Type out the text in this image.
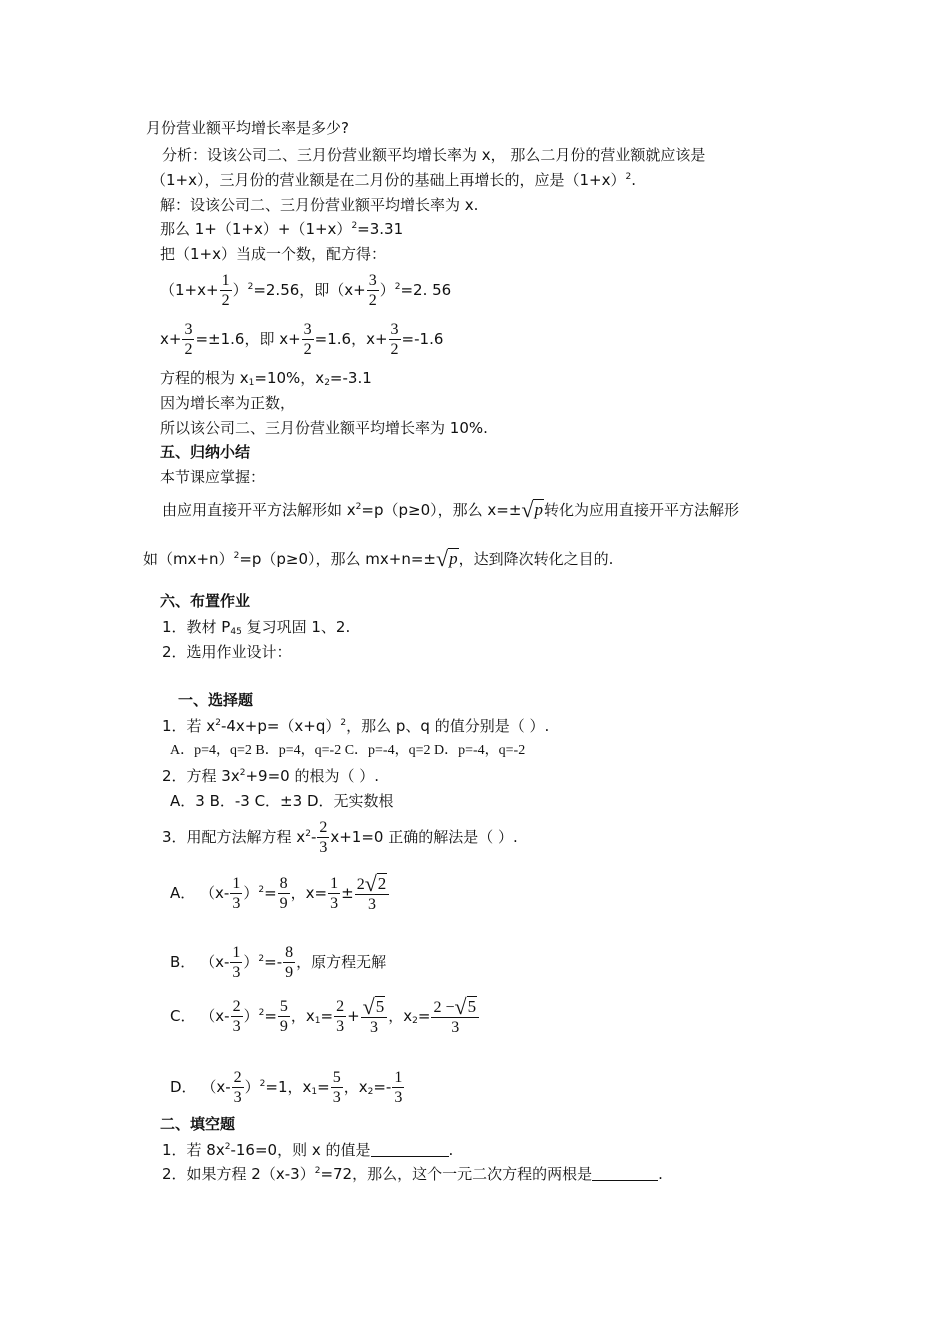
月份营业额平均增长率是多少?
分析：设该公司二、三月份营业额平均增长率为 x， 那么二月份的营业额就应该是
（1+x），三月份的营业额是在二月份的基础上再增长的，应是$(1+x)^2$.
解：设该公司二、三月份营业额平均增长率为 x.
那么 $1+(1+x)+(1+x)^2=3.31$
把（1+x）当成一个数，配方得：
$(1+x+ \frac{1}{2} )^2=2.56$，即$(x+ \frac{3}{2} )^2=2$. 56
$x+ \frac{3}{2} =\pm 1.6$，即 $x+ \frac{3}{2} =1.6$，$x+ \frac{3}{2} =-1.6$
方程的根为 $x_1=10\%$，$x_2=-3.1$
因为增长率为正数，
所以该公司二、三月份营业额平均增长率为 10%.
五、归纳小结
本节课应掌握：
由应用直接开平方法解形如 $x^2=p(p\ge 0)$，那么 x=±√p转化为应用直接开平方法解形
如$(mx+n)^2=p(p\ge 0)$，那么 mx+n=±√p，达到降次转化之目的.
六、布置作业
1．教材 $P_{45}$ 复习巩固 1、2.
2．选用作业设计：
一、选择题
1．若 $x^2-4x+p=(x+q)^2$，那么 p、q 的值分别是（ ）.
A．p=4，q=2 B．p=4，q=-2 C．p=-4，q=2 D．p=-4，q=-2
2．方程 $3x^2+9=0$ 的根为（ ）.
A．3 B．-3 C．±3 D．无实数根
3．用配方法解方程 $x^2- \frac{2}{3} x+1=0$ 正确的解法是（ ）.
A． $(x- \frac{1}{3} )^2= \frac{8}{9}$ ，$x= \frac{1}{3} \pm \frac{2√2}{3}$
B． $(x- \frac{1}{3} )^2=- \frac{8}{9}$ ，原方程无解
C． $(x- \frac{2}{3} )^2= \frac{5}{9}$ ，$x_1= \frac{2}{3} + \frac{√5}{3}$ ，$x_2= \frac{2 -√5}{3}$
D． $(x- \frac{2}{3} )^2=1$，$x_1= \frac{5}{3}$ ，$x_2=- \frac{1}{3}$
二、填空题
1．若 $8x^2-16=0$，则 x 的值是	.
2．如果方程 $2(x-3)^2=72$，那么，这个一元二次方程的两根是	.
